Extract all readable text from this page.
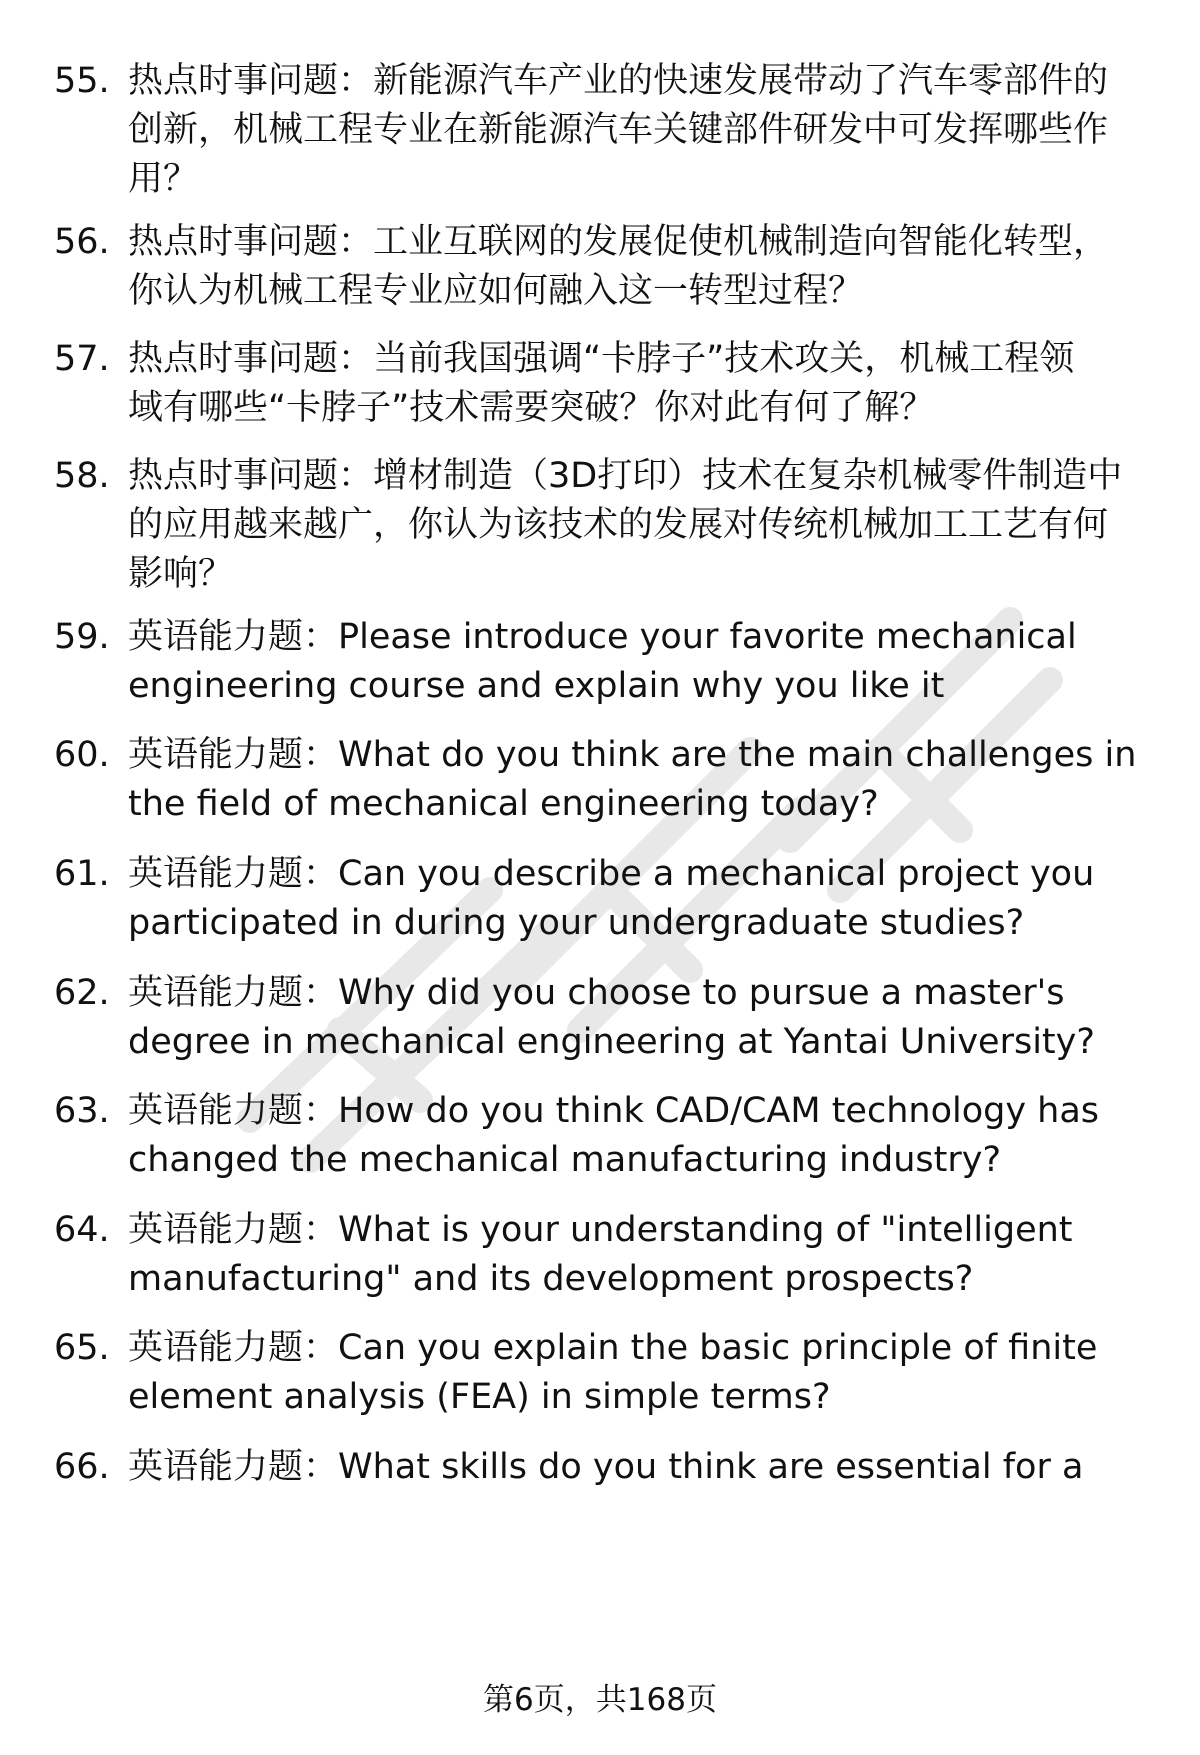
55. 热点时事问题：新能源汽车产业的快速发展带动了汽车零部件的
创新，机械工程专业在新能源汽车关键部件研发中可发挥哪些作
用？
56. 热点时事问题：工业互联网的发展促使机械制造向智能化转型，
你认为机械工程专业应如何融入这一转型过程？
57. 热点时事问题：当前我国强调“卡脖子”技术攻关，机械工程领
域有哪些“卡脖子”技术需要突破？你对此有何了解？
58. 热点时事问题：增材制造（3D打印）技术在复杂机械零件制造中
的应用越来越广，你认为该技术的发展对传统机械加工工艺有何
影响？
59. 英语能力题：Please introduce your favorite mechanical
engineering course and explain why you like it
60. 英语能力题：What do you think are the main challenges in
the field of mechanical engineering today?
61. 英语能力题：Can you describe a mechanical project you
participated in during your undergraduate studies?
62. 英语能力题：Why did you choose to pursue a master's
degree in mechanical engineering at Yantai University?
63. 英语能力题：How do you think CAD/CAM technology has
changed the mechanical manufacturing industry?
64. 英语能力题：What is your understanding of "intelligent
manufacturing" and its development prospects?
65. 英语能力题：Can you explain the basic principle of finite
element analysis (FEA) in simple terms?
66. 英语能力题：What skills do you think are essential for a
第6页，共168页
